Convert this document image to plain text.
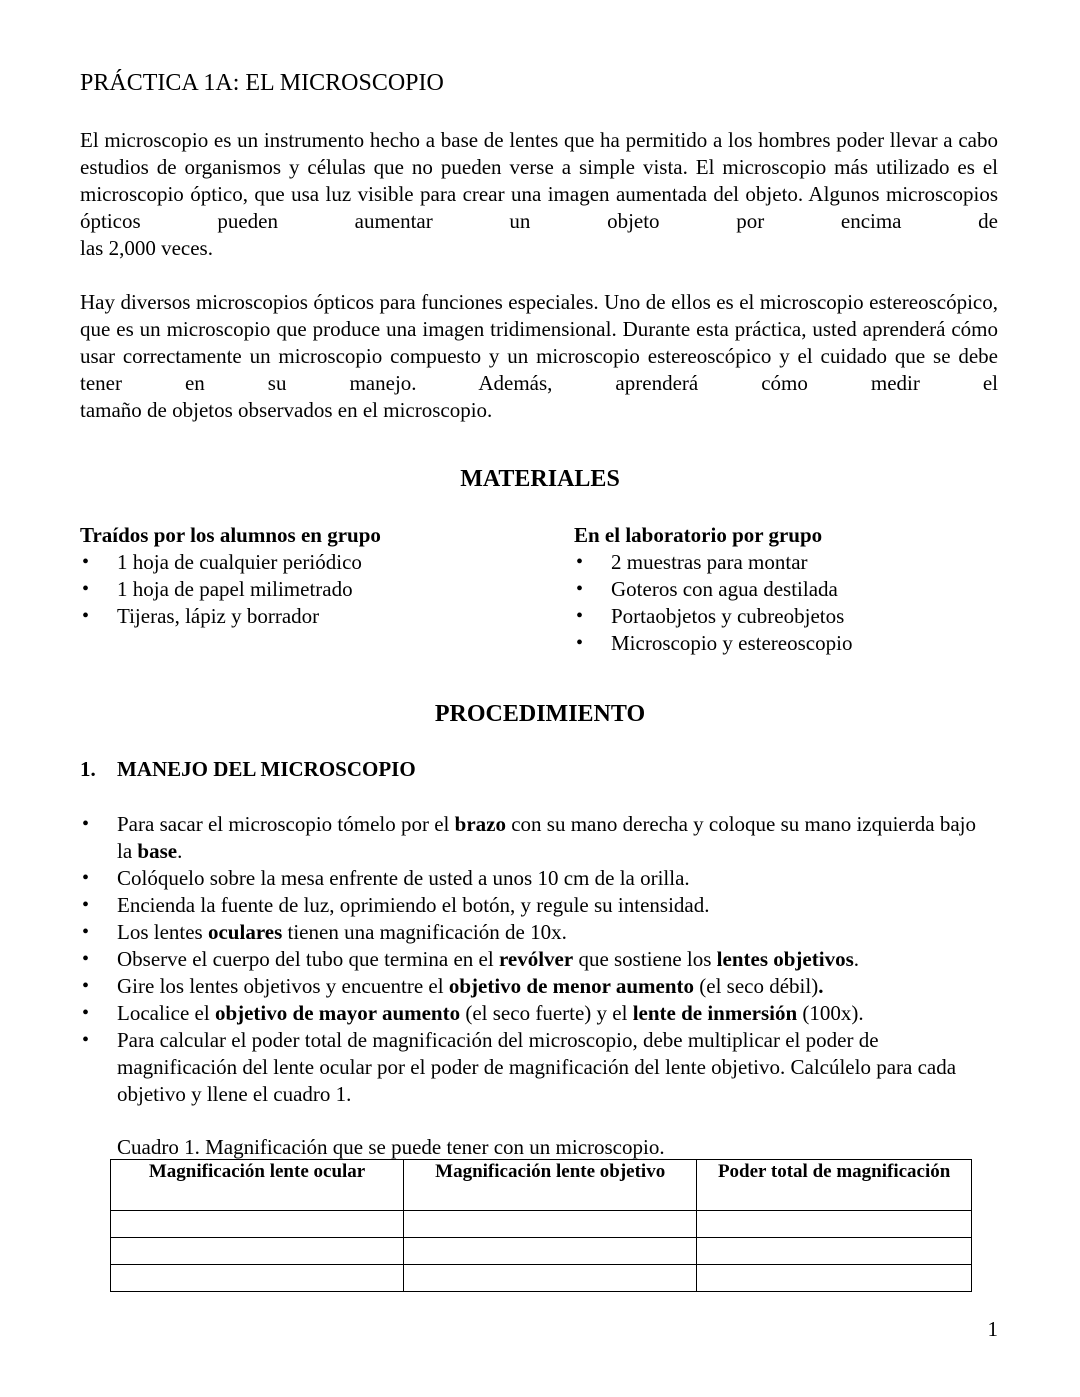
PRÁCTICA 1A: EL MICROSCOPIO

El microscopio es un instrumento hecho a base de lentes que ha permitido a los hombres poder llevar a cabo estudios de organismos y células que no pueden verse a simple vista. El microscopio más utilizado es el microscopio óptico, que usa luz visible para crear una imagen aumentada del objeto. Algunos microscopios ópticos pueden aumentar un objeto por encima de
las 2,000 veces.

Hay diversos microscopios ópticos para funciones especiales. Uno de ellos es el microscopio estereoscópico, que es un microscopio que produce una imagen tridimensional. Durante esta práctica, usted aprenderá cómo usar correctamente un microscopio compuesto y un microscopio estereoscópico y el cuidado que se debe tener en su manejo. Además, aprenderá cómo medir el
tamaño de objetos observados en el microscopio.

MATERIALES

Traídos por los alumnos en grupo

• 1 hoja de cualquier periódico
• 1 hoja de papel milimetrado
• Tijeras, lápiz y borrador

En el laboratorio por grupo

• 2 muestras para montar
• Goteros con agua destilada
• Portaobjetos y cubreobjetos
• Microscopio y estereoscopio
PROCEDIMIENTO

1. MANEJO DEL MICROSCOPIO

• Para sacar el microscopio tómelo por el brazo con su mano derecha y coloque su mano izquierda bajo la base.
• Colóquelo sobre la mesa enfrente de usted a unos 10 cm de la orilla.
• Encienda la fuente de luz, oprimiendo el botón, y regule su intensidad.
• Los lentes oculares tienen una magnificación de 10x.
• Observe el cuerpo del tubo que termina en el revólver que sostiene los lentes objetivos.
• Gire los lentes objetivos y encuentre el objetivo de menor aumento (el seco débil).
• Localice el objetivo de mayor aumento (el seco fuerte) y el lente de inmersión (100x).
• Para calcular el poder total de magnificación del microscopio, debe multiplicar el poder de magnificación del lente ocular por el poder de magnificación del lente objetivo. Calcúlelo para cada objetivo y llene el cuadro 1.

Cuadro 1. Magnificación que se puede tener con un microscopio.

Magnificación lente ocular	Magnificación lente objetivo	Poder total de magnificación

1
